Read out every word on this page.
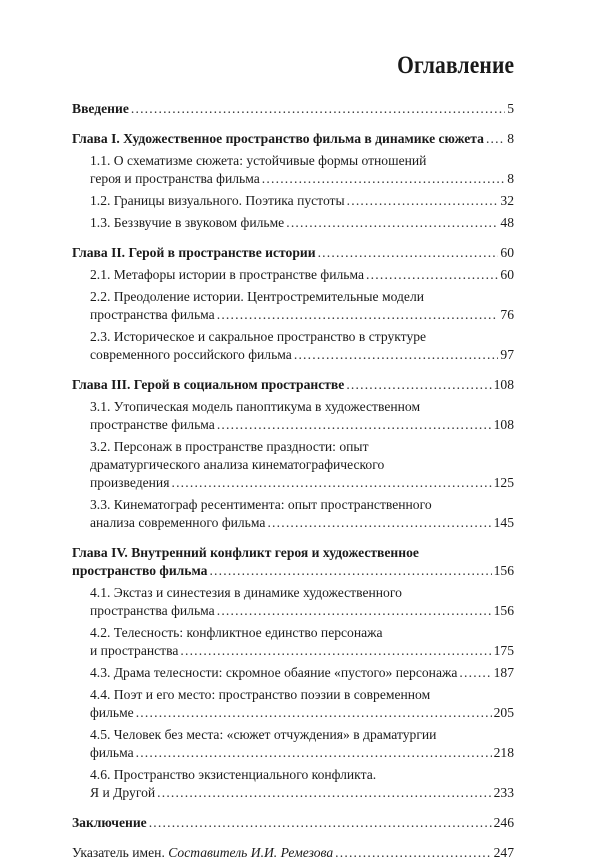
Оглавление
Введение .....	5
Глава I. Художественное пространство фильма в динамике сюжета ..... 8
1.1. О схематизме сюжета: устойчивые формы отношений
героя и пространства фильма .....	8
1.2. Границы визуального. Поэтика пустоты .....	32
1.3. Беззвучие в звуковом фильме .....	48
Глава II. Герой в пространстве истории .....	60
2.1. Метафоры истории в пространстве фильма .....	60
2.2. Преодоление истории. Центростремительные модели
пространства фильма .....	76
2.3. Историческое и сакральное пространство в структуре
современного российского фильма .....	97
Глава III. Герой в социальном пространстве .....	108
3.1. Утопическая модель паноптикума в художественном
пространстве фильма .....	108
3.2. Персонаж в пространстве праздности: опыт
драматургического анализа кинематографического
произведения .....	125
3.3. Кинематограф ресентимента: опыт пространственного
анализа современного фильма .....	145
Глава IV. Внутренний конфликт героя и художественное
пространство фильма .....	156
4.1. Экстаз и синестезия в динамике художественного
пространства фильма .....	156
4.2. Телесность: конфликтное единство персонажа
и пространства .....	175
4.3. Драма телесности: скромное обаяние «пустого» персонажа .....	187
4.4. Поэт и его место: пространство поэзии в современном
фильме .....	205
4.5. Человек без места: «сюжет отчуждения» в драматургии
фильма .....	218
4.6. Пространство экзистенциального конфликта.
Я и Другой .....	233
Заключение .....	246
Указатель имен. Составитель И.И. Ремезова .....	247
